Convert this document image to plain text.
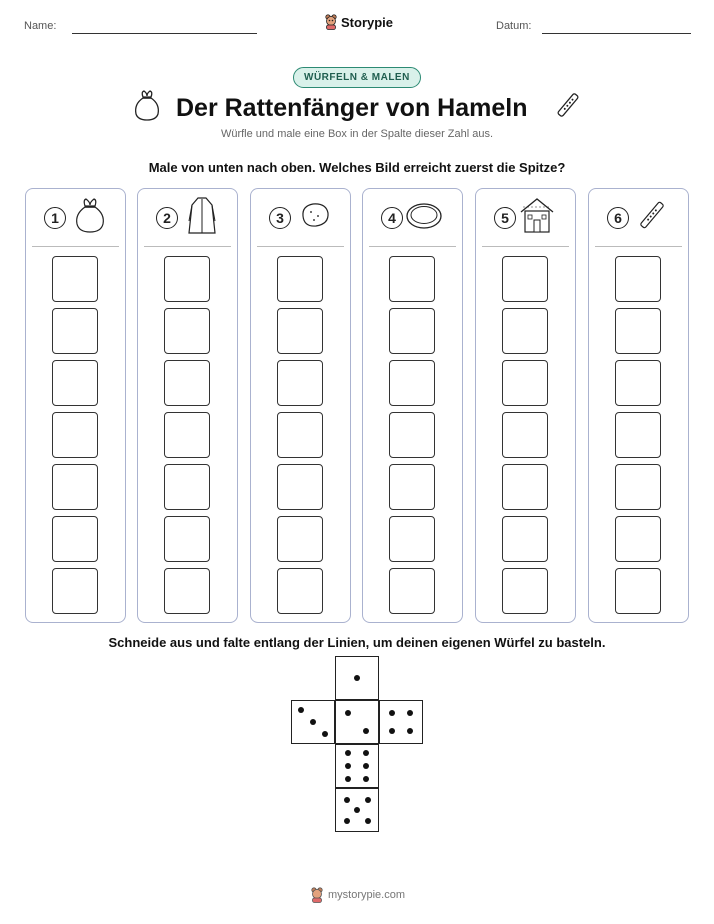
Name:	Storypie	Datum:
WÜRFELN & MALEN
Der Rattenfänger von Hameln
Würfle und male eine Box in der Spalte dieser Zahl aus.
Male von unten nach oben. Welches Bild erreicht zuerst die Spitze?
1	2	3	4	5	6
Schneide aus und falte entlang der Linien, um deinen eigenen Würfel zu basteln.
mystorypie.com
